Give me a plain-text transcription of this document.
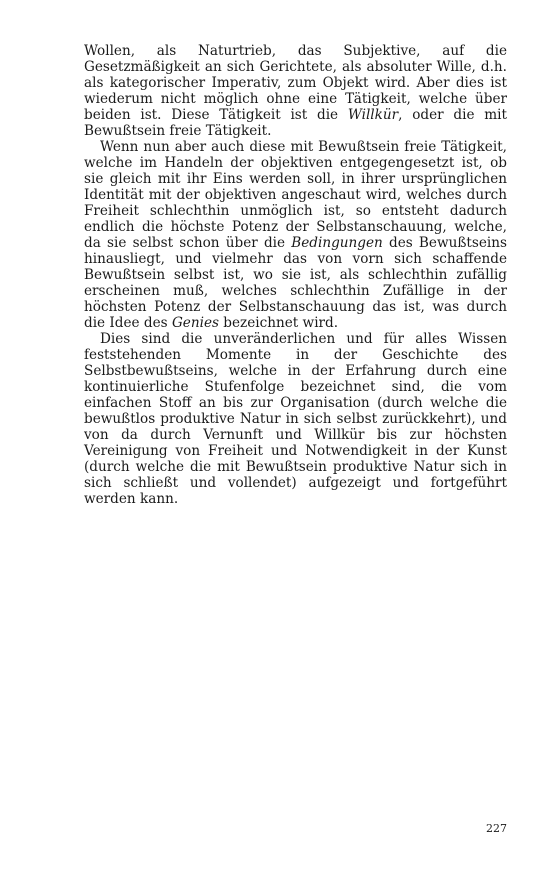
Wollen, als Naturtrieb, das Subjektive, auf die Gesetzmäßigkeit an sich Gerichtete, als absoluter Wille, d.h. als kategorischer Imperativ, zum Objekt wird. Aber dies ist wiederum nicht möglich ohne eine Tätigkeit, welche über beiden ist. Diese Tätigkeit ist die Willkür, oder die mit Bewußtsein freie Tätigkeit.

Wenn nun aber auch diese mit Bewußtsein freie Tätigkeit, welche im Handeln der objektiven entgegengesetzt ist, ob sie gleich mit ihr Eins werden soll, in ihrer ursprünglichen Identität mit der objektiven angeschaut wird, welches durch Freiheit schlechthin unmöglich ist, so entsteht dadurch endlich die höchste Potenz der Selbstanschauung, welche, da sie selbst schon über die Bedingungen des Bewußtseins hinausliegt, und vielmehr das von vorn sich schaffende Bewußtsein selbst ist, wo sie ist, als schlechthin zufällig erscheinen muß, welches schlechthin Zufällige in der höchsten Potenz der Selbstanschauung das ist, was durch die Idee des Genies bezeichnet wird.

Dies sind die unveränderlichen und für alles Wissen feststehenden Momente in der Geschichte des Selbstbewußtseins, welche in der Erfahrung durch eine kontinuierliche Stufenfolge bezeichnet sind, die vom einfachen Stoff an bis zur Organisation (durch welche die bewußtlos produktive Natur in sich selbst zurückkehrt), und von da durch Vernunft und Willkür bis zur höchsten Vereinigung von Freiheit und Notwendigkeit in der Kunst (durch welche die mit Bewußtsein produktive Natur sich in sich schließt und vollendet) aufgezeigt und fortgeführt werden kann.

227
